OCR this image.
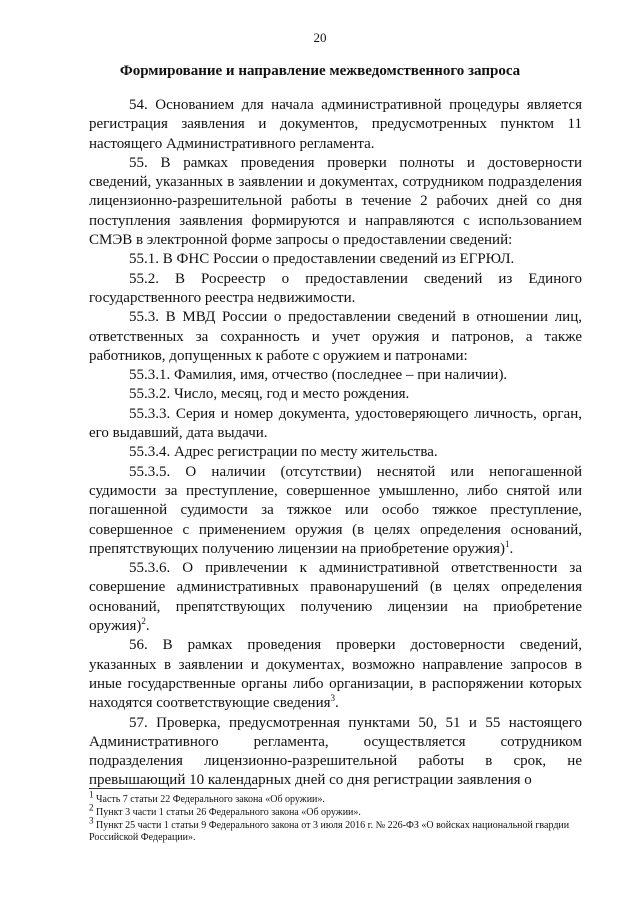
20
Формирование и направление межведомственного запроса

54. Основанием для начала административной процедуры является регистрация заявления и документов, предусмотренных пунктом 11 настоящего Административного регламента.

55. В рамках проведения проверки полноты и достоверности сведений, указанных в заявлении и документах, сотрудником подразделения лицензионно-разрешительной работы в течение 2 рабочих дней со дня поступления заявления формируются и направляются с использованием СМЭВ в электронной форме запросы о предоставлении сведений:

55.1. В ФНС России о предоставлении сведений из ЕГРЮЛ.

55.2. В Росреестр о предоставлении сведений из Единого государственного реестра недвижимости.

55.3. В МВД России о предоставлении сведений в отношении лиц, ответственных за сохранность и учет оружия и патронов, а также работников, допущенных к работе с оружием и патронами:

55.3.1. Фамилия, имя, отчество (последнее – при наличии).

55.3.2. Число, месяц, год и место рождения.

55.3.3. Серия и номер документа, удостоверяющего личность, орган, его выдавший, дата выдачи.

55.3.4. Адрес регистрации по месту жительства.

55.3.5. О наличии (отсутствии) неснятой или непогашенной судимости за преступление, совершенное умышленно, либо снятой или погашенной судимости за тяжкое или особо тяжкое преступление, совершенное с применением оружия (в целях определения оснований, препятствующих получению лицензии на приобретение оружия)$^1$.

55.3.6. О привлечении к административной ответственности за совершение административных правонарушений (в целях определения оснований, препятствующих получению лицензии на приобретение оружия)$^2$.

56. В рамках проведения проверки достоверности сведений, указанных в заявлении и документах, возможно направление запросов в иные государственные органы либо организации, в распоряжении которых находятся соответствующие сведения$^3$.

57. Проверка, предусмотренная пунктами 50, 51 и 55 настоящего Административного регламента, осуществляется сотрудником подразделения лицензионно-разрешительной работы в срок, не превышающий 10 календарных дней со дня регистрации заявления о

$^1$ Часть 7 статьи 22 Федерального закона «Об оружии».

$^2$ Пункт 3 части 1 статьи 26 Федерального закона «Об оружии».

$^3$ Пункт 25 части 1 статьи 9 Федерального закона от 3 июля 2016 г. № 226-ФЗ «О войсках национальной гвардии Российской Федерации».
